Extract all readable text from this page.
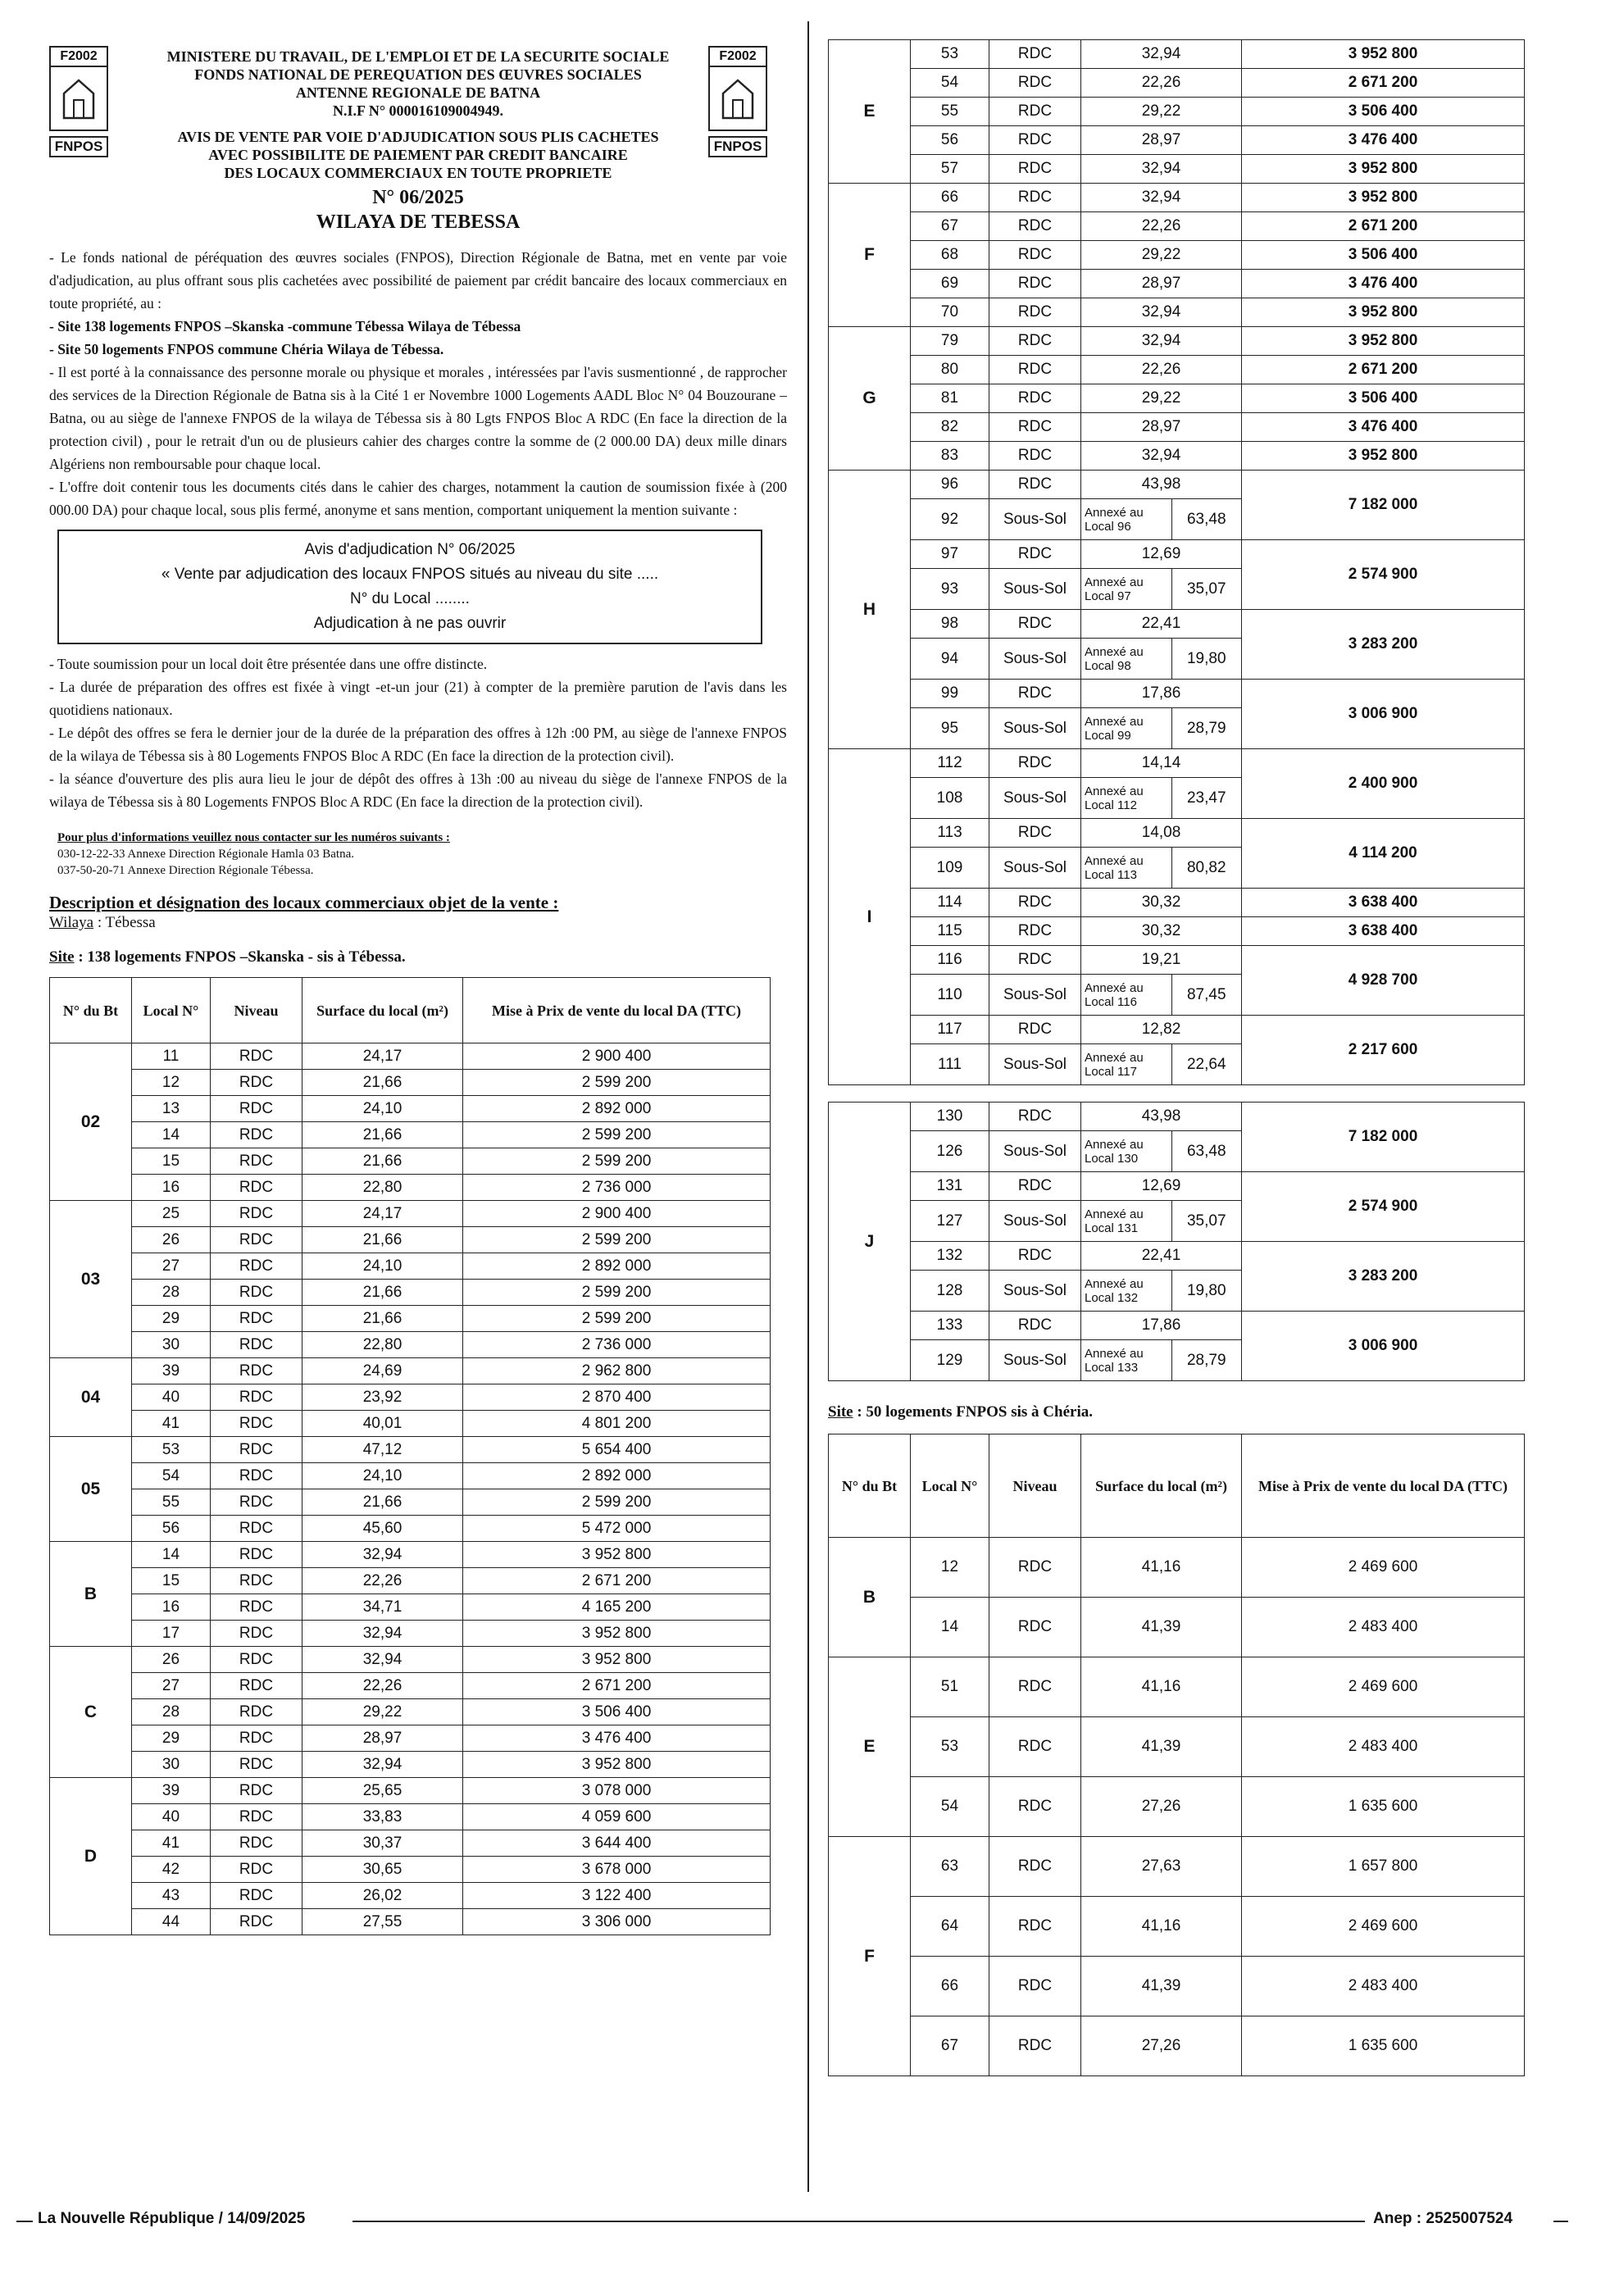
F2002
FNPOS
MINISTERE DU TRAVAIL, DE L'EMPLOI ET DE LA SECURITE SOCIALE
FONDS NATIONAL DE PEREQUATION DES ŒUVRES SOCIALES
ANTENNE REGIONALE DE BATNA
N.I.F N° 000016109004949.
AVIS DE VENTE PAR VOIE D'ADJUDICATION SOUS PLIS CACHETES
AVEC POSSIBILITE DE PAIEMENT PAR CREDIT BANCAIRE
DES LOCAUX COMMERCIAUX EN TOUTE PROPRIETE
F2002
FNPOS
N° 06/2025
WILAYA DE TEBESSA

- Le fonds national de péréquation des œuvres sociales (FNPOS), Direction Régionale de Batna, met en vente par voie d'adjudication, au plus offrant sous plis cachetées avec possibilité de paiement par crédit bancaire des locaux commerciaux en toute propriété, au :

- Site 138 logements FNPOS –Skanska -commune Tébessa Wilaya de Tébessa

- Site 50 logements FNPOS commune Chéria Wilaya de Tébessa.

- Il est porté à la connaissance des personne morale ou physique et morales , intéressées par l'avis susmentionné , de rapprocher des services de la Direction Régionale de Batna sis à la Cité 1 er Novembre 1000 Logements AADL Bloc N° 04 Bouzourane –Batna, ou au siège de l'annexe FNPOS de la wilaya de Tébessa sis à 80 Lgts FNPOS Bloc A RDC (En face la direction de la protection civil) , pour le retrait d'un ou de plusieurs cahier des charges contre la somme de (2 000.00 DA) deux mille dinars Algériens non remboursable pour chaque local.

- L'offre doit contenir tous les documents cités dans le cahier des charges, notamment la caution de soumission fixée à (200 000.00 DA) pour chaque local, sous plis fermé, anonyme et sans mention, comportant uniquement la mention suivante :

Avis d'adjudication N° 06/2025
« Vente par adjudication des locaux FNPOS situés au niveau du site .....
N° du Local ........
Adjudication à ne pas ouvrir

- Toute soumission pour un local doit être présentée dans une offre distincte.

- La durée de préparation des offres est fixée à vingt -et-un jour (21) à compter de la première parution de l'avis dans les quotidiens nationaux.

- Le dépôt des offres se fera le dernier jour de la durée de la préparation des offres à 12h :00 PM, au siège de l'annexe FNPOS de la wilaya de Tébessa sis à 80 Logements FNPOS Bloc A RDC (En face la direction de la protection civil).

- la séance d'ouverture des plis aura lieu le jour de dépôt des offres à 13h :00 au niveau du siège de l'annexe FNPOS de la wilaya de Tébessa sis à 80 Logements FNPOS Bloc A RDC (En face la direction de la protection civil).

Pour plus d'informations veuillez nous contacter sur les numéros suivants :
030-12-22-33 Annexe Direction Régionale Hamla 03 Batna.
037-50-20-71 Annexe Direction Régionale Tébessa.
Description et désignation des locaux commerciaux objet de la vente :
Wilaya : Tébessa
Site : 138 logements FNPOS –Skanska - sis à Tébessa.
N° du Bt	Local N°	Niveau	Surface du local (m²)	Mise à Prix de vente du local DA (TTC)
02	11	RDC	24,17	2 900 400
	12	RDC	21,66	2 599 200
	13	RDC	24,10	2 892 000
	14	RDC	21,66	2 599 200
	15	RDC	21,66	2 599 200
	16	RDC	22,80	2 736 000
03	25	RDC	24,17	2 900 400
	26	RDC	21,66	2 599 200
	27	RDC	24,10	2 892 000
	28	RDC	21,66	2 599 200
	29	RDC	21,66	2 599 200
	30	RDC	22,80	2 736 000
04	39	RDC	24,69	2 962 800
	40	RDC	23,92	2 870 400
	41	RDC	40,01	4 801 200
05	53	RDC	47,12	5 654 400
	54	RDC	24,10	2 892 000
	55	RDC	21,66	2 599 200
	56	RDC	45,60	5 472 000
B	14	RDC	32,94	3 952 800
	15	RDC	22,26	2 671 200
	16	RDC	34,71	4 165 200
	17	RDC	32,94	3 952 800
C	26	RDC	32,94	3 952 800
	27	RDC	22,26	2 671 200
	28	RDC	29,22	3 506 400
	29	RDC	28,97	3 476 400
	30	RDC	32,94	3 952 800
D	39	RDC	25,65	3 078 000
	40	RDC	33,83	4 059 600
	41	RDC	30,37	3 644 400
	42	RDC	30,65	3 678 000
	43	RDC	26,02	3 122 400
	44	RDC	27,55	3 306 000
E	53	RDC	32,94	3 952 800
54	RDC	22,26	2 671 200
55	RDC	29,22	3 506 400
56	RDC	28,97	3 476 400
57	RDC	32,94	3 952 800
F	66	RDC	32,94	3 952 800
67	RDC	22,26	2 671 200
68	RDC	29,22	3 506 400
69	RDC	28,97	3 476 400
70	RDC	32,94	3 952 800
G	79	RDC	32,94	3 952 800
80	RDC	22,26	2 671 200
81	RDC	29,22	3 506 400
82	RDC	28,97	3 476 400
83	RDC	32,94	3 952 800
H	96	RDC	43,98	7 182 000
92	Sous-Sol	Annexé au Local 96	63,48

97	RDC	12,69	2 574 900
93	Sous-Sol	Annexé au Local 97	35,07

98	RDC	22,41	3 283 200
94	Sous-Sol	Annexé au Local 98	19,80

99	RDC	17,86	3 006 900
95	Sous-Sol	Annexé au Local 99	28,79

I	112	RDC	14,14	2 400 900
108	Sous-Sol	Annexé au Local 112	23,47

113	RDC	14,08	4 114 200
109	Sous-Sol	Annexé au Local 113	80,82

114	RDC	30,32	3 638 400
115	RDC	30,32	3 638 400
116	RDC	19,21	4 928 700
110	Sous-Sol	Annexé au Local 116	87,45

117	RDC	12,82	2 217 600
111	Sous-Sol	Annexé au Local 117	22,64
J	130	RDC	43,98	7 182 000
126	Sous-Sol	Annexé au Local 130	63,48

131	RDC	12,69	2 574 900
127	Sous-Sol	Annexé au Local 131	35,07

132	RDC	22,41	3 283 200
128	Sous-Sol	Annexé au Local 132	19,80

133	RDC	17,86	3 006 900
129	Sous-Sol	Annexé au Local 133	28,79
Site : 50 logements FNPOS sis à Chéria.
N° du Bt	Local N°	Niveau	Surface du local (m²)	Mise à Prix de vente du local DA (TTC)
B	12	RDC	41,16	2 469 600
	14	RDC	41,39	2 483 400
E	51	RDC	41,16	2 469 600
	53	RDC	41,39	2 483 400
	54	RDC	27,26	1 635 600
F	63	RDC	27,63	1 657 800
	64	RDC	41,16	2 469 600
	66	RDC	41,39	2 483 400
	67	RDC	27,26	1 635 600
La Nouvelle République / 14/09/2025	Anep : 2525007524
